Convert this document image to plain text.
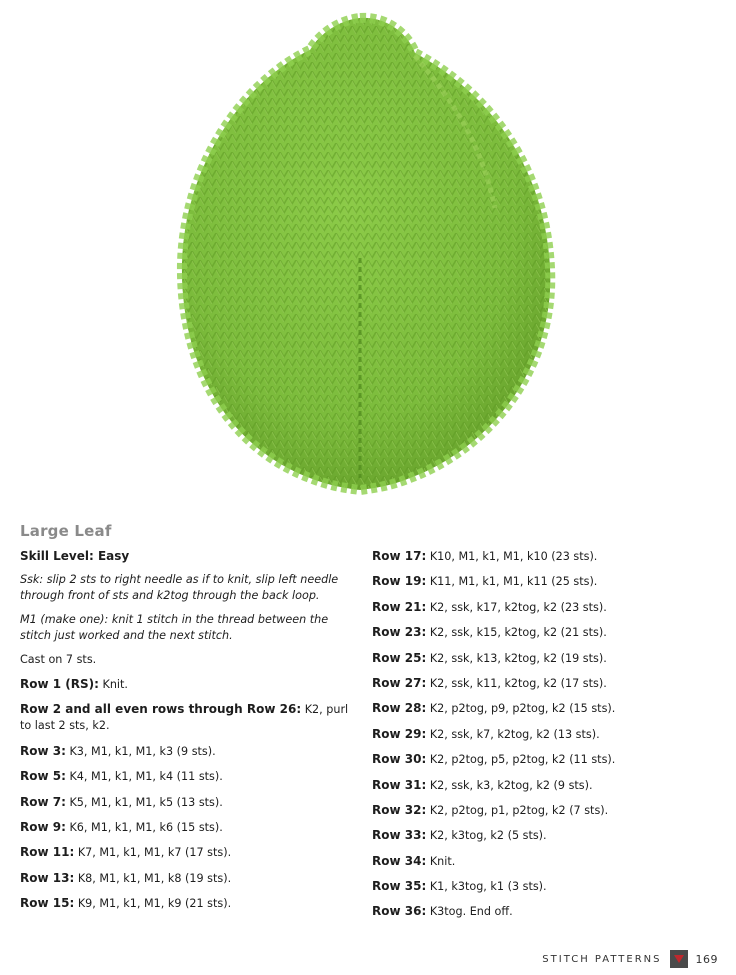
Large Leaf
Skill Level: Easy
Ssk: slip 2 sts to right needle as if to knit, slip left needle through front of sts and k2tog through the back loop.
M1 (make one): knit 1 stitch in the thread between the stitch just worked and the next stitch.
Cast on 7 sts.
Row 1 (RS): Knit.
Row 2 and all even rows through Row 26: K2, purl to last 2 sts, k2.
Row 3: K3, M1, k1, M1, k3 (9 sts).
Row 5: K4, M1, k1, M1, k4 (11 sts).
Row 7: K5, M1, k1, M1, k5 (13 sts).
Row 9: K6, M1, k1, M1, k6 (15 sts).
Row 11: K7, M1, k1, M1, k7 (17 sts).
Row 13: K8, M1, k1, M1, k8 (19 sts).
Row 15: K9, M1, k1, M1, k9 (21 sts).
Row 17: K10, M1, k1, M1, k10 (23 sts).
Row 19: K11, M1, k1, M1, k11 (25 sts).
Row 21: K2, ssk, k17, k2tog, k2 (23 sts).
Row 23: K2, ssk, k15, k2tog, k2 (21 sts).
Row 25: K2, ssk, k13, k2tog, k2 (19 sts).
Row 27: K2, ssk, k11, k2tog, k2 (17 sts).
Row 28: K2, p2tog, p9, p2tog, k2 (15 sts).
Row 29: K2, ssk, k7, k2tog, k2 (13 sts).
Row 30: K2, p2tog, p5, p2tog, k2 (11 sts).
Row 31: K2, ssk, k3, k2tog, k2 (9 sts).
Row 32: K2, p2tog, p1, p2tog, k2 (7 sts).
Row 33: K2, k3tog, k2 (5 sts).
Row 34: Knit.
Row 35: K1, k3tog, k1 (3 sts).
Row 36: K3tog. End off.
STITCH PATTERNS	169
